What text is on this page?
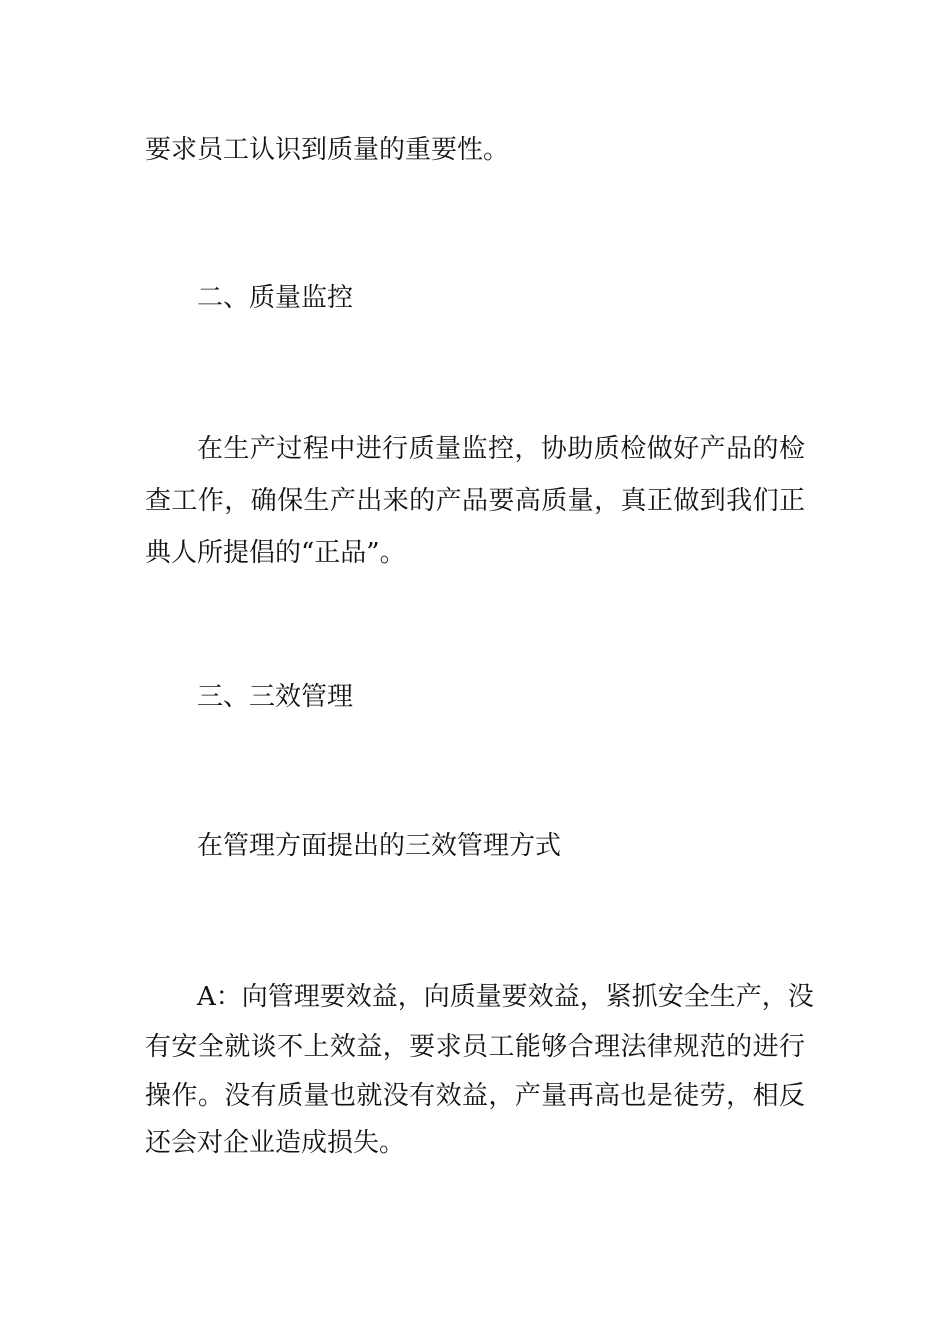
要求员工认识到质量的重要性。
二、质量监控
在生产过程中进行质量监控，协助质检做好产品的检
查工作，确保生产出来的产品要高质量，真正做到我们正
典人所提倡的“正品”。
三、三效管理
在管理方面提出的三效管理方式
A：向管理要效益，向质量要效益，紧抓安全生产，没
有安全就谈不上效益，要求员工能够合理法律规范的进行
操作。没有质量也就没有效益，产量再高也是徒劳，相反
还会对企业造成损失。
